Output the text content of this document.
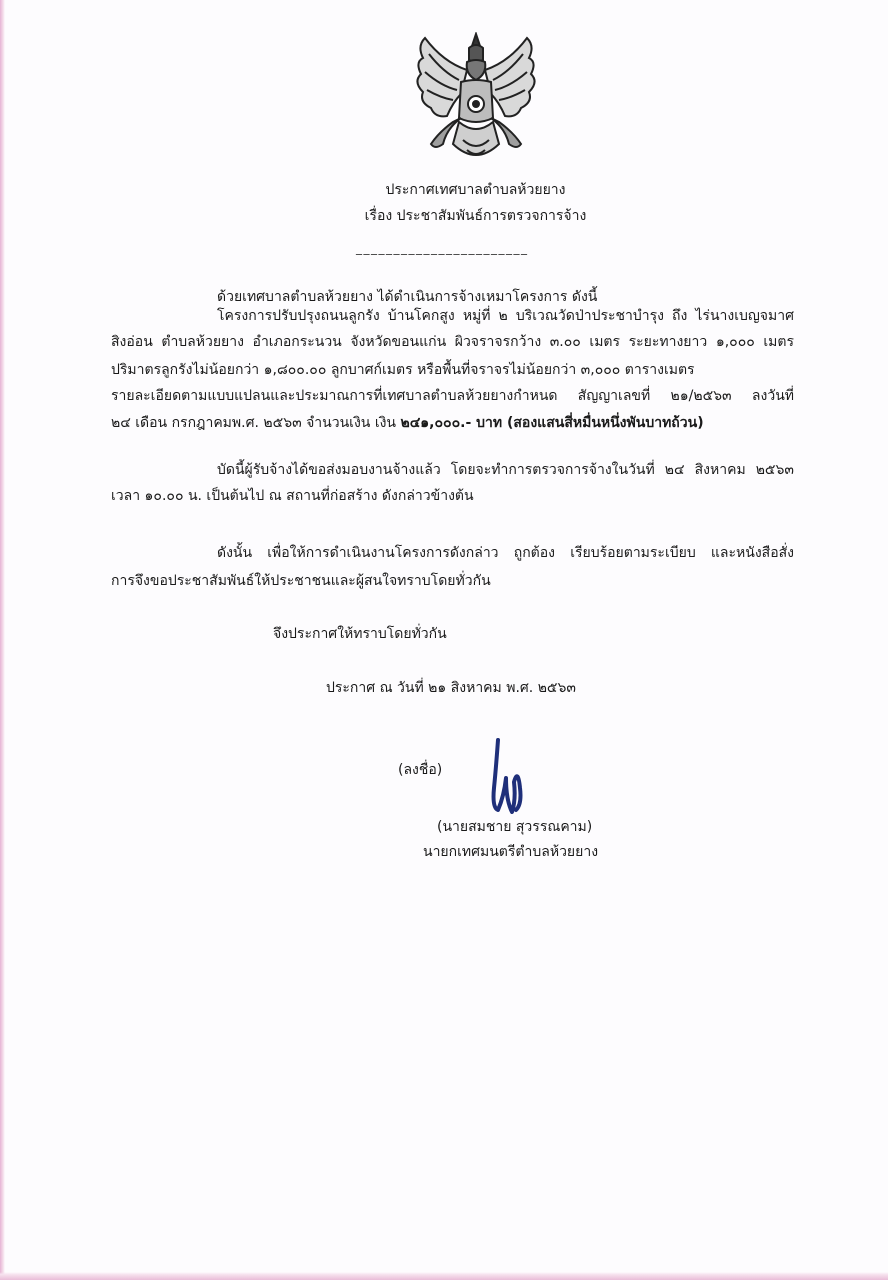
ประกาศเทศบาลตำบลห้วยยาง
เรื่อง ประชาสัมพันธ์การตรวจการจ้าง
_______________________
ด้วยเทศบาลตำบลห้วยยาง ได้ดำเนินการจ้างเหมาโครงการ ดังนี้
โครงการปรับปรุงถนนลูกรัง บ้านโคกสูง หมู่ที่ ๒ บริเวณวัดป่าประชาบำรุง ถึง ไร่นางเบญจมาศ
สิงอ่อน ตำบลห้วยยาง อำเภอกระนวน จังหวัดขอนแก่น ผิวจราจรกว้าง ๓.๐๐ เมตร ระยะทางยาว ๑,๐๐๐ เมตร
ปริมาตรลูกรังไม่น้อยกว่า ๑,๘๐๐.๐๐ ลูกบาศก์เมตร หรือพื้นที่จราจรไม่น้อยกว่า ๓,๐๐๐ ตารางเมตร
รายละเอียดตามแบบแปลนและประมาณการที่เทศบาลตำบลห้วยยางกำหนด สัญญาเลขที่ ๒๑/๒๕๖๓ ลงวันที่
๒๔ เดือน กรกฎาคมพ.ศ. ๒๕๖๓ จำนวนเงิน เงิน ๒๔๑,๐๐๐.- บาท (สองแสนสี่หมื่นหนึ่งพันบาทถ้วน)
บัดนี้ผู้รับจ้างได้ขอส่งมอบงานจ้างแล้ว โดยจะทำการตรวจการจ้างในวันที่ ๒๔ สิงหาคม ๒๕๖๓
เวลา ๑๐.๐๐ น. เป็นต้นไป ณ สถานที่ก่อสร้าง ดังกล่าวข้างต้น
ดังนั้น เพื่อให้การดำเนินงานโครงการดังกล่าว ถูกต้อง เรียบร้อยตามระเบียบ และหนังสือสั่ง
การจึงขอประชาสัมพันธ์ให้ประชาชนและผู้สนใจทราบโดยทั่วกัน
จึงประกาศให้ทราบโดยทั่วกัน
ประกาศ ณ วันที่ ๒๑ สิงหาคม พ.ศ. ๒๕๖๓
(ลงชื่อ)
(นายสมชาย สุวรรณคาม)
นายกเทศมนตรีตำบลห้วยยาง
